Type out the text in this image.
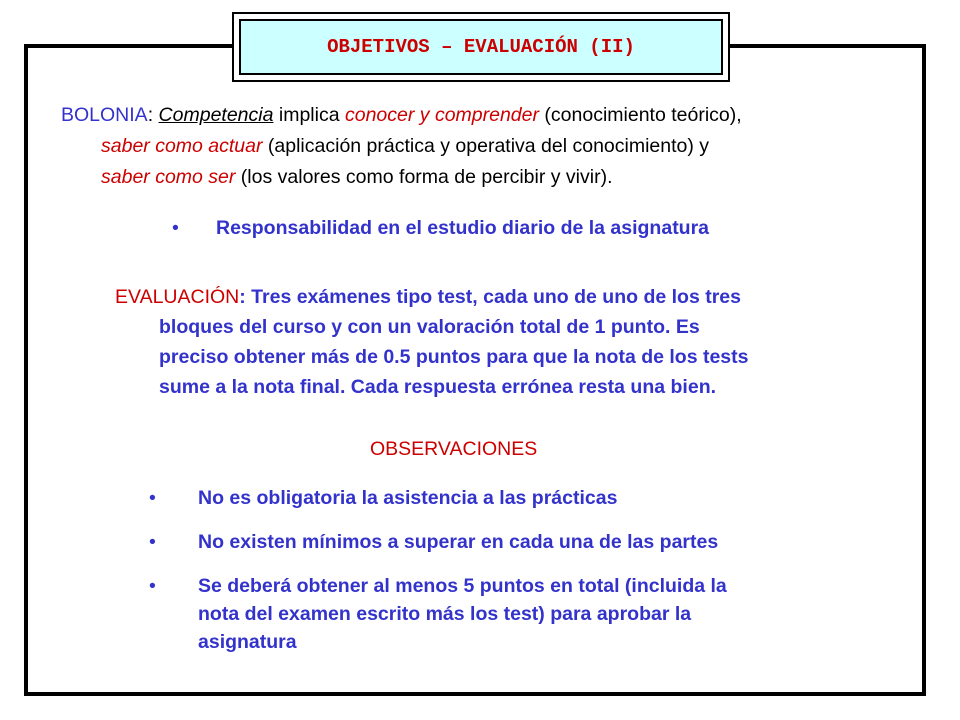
OBJETIVOS – EVALUACIÓN (II)
BOLONIA: Competencia implica conocer y comprender (conocimiento teórico),
saber como actuar (aplicación práctica y operativa del conocimiento) y
saber como ser (los valores como forma de percibir y vivir).
•	Responsabilidad en el estudio diario de la asignatura
EVALUACIÓN: Tres exámenes tipo test, cada uno de uno de los tres
bloques del curso y con un valoración total de 1 punto. Es
preciso obtener más de 0.5 puntos para que la nota de los tests
sume a la nota final. Cada respuesta errónea resta una bien.
OBSERVACIONES
•	No es obligatoria la asistencia a las prácticas
•	No existen mínimos a superar en cada una de las partes
•	Se deberá obtener al menos 5 puntos en total (incluida la
nota del examen escrito más los test) para aprobar la
asignatura
